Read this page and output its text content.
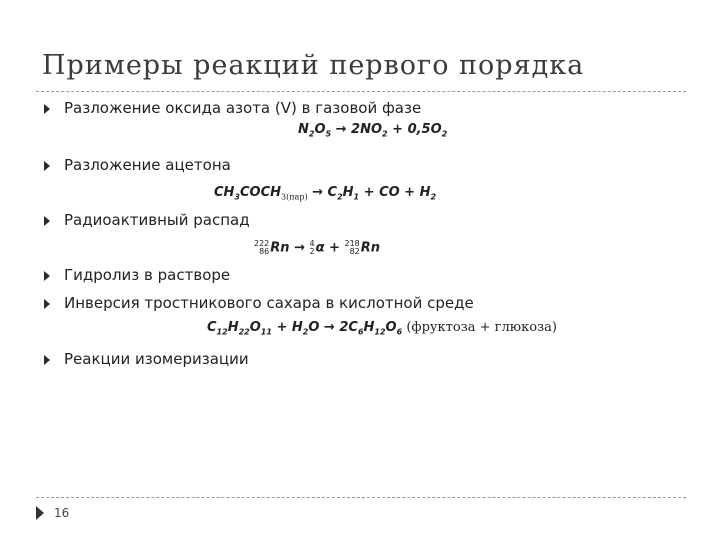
Примеры реакций первого порядка
Разложение оксида азота (V) в газовой фазе
$N_2O_5 \to 2NO_2 + 0,5O_2$
Разложение ацетона
$CH_3COCH_{3(пар)} \to C_2H_1$ + CO + $H_2$
Радиоактивный распад
222
86Rn → 4
2α + 218
82Rn
Гидролиз в растворе
Инверсия тростникового сахара в кислотной среде
$C_{12}H_{22}O_{11} + H_2O \to 2C_6H_{12}O_6$ (фруктоза + глюкоза)
Реакции изомеризации
16
